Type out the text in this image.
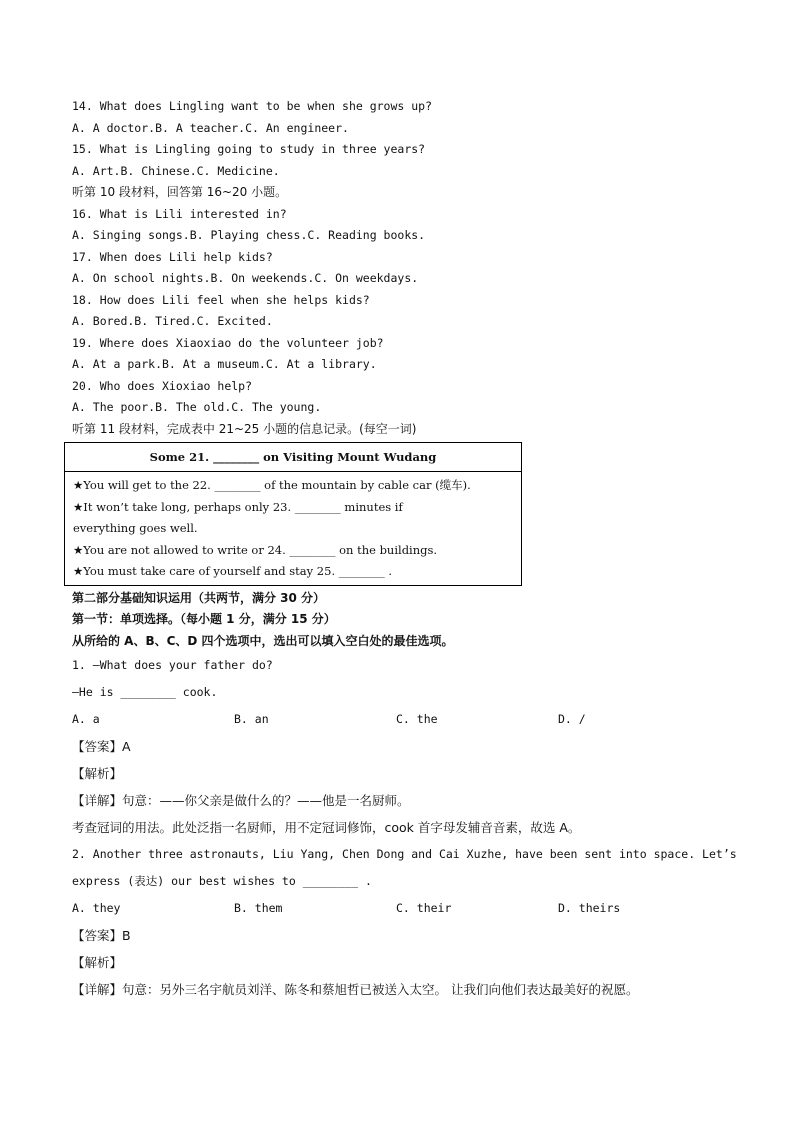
14. What does Lingling want to be when she grows up?
A. A doctor.B. A teacher.C. An engineer.
15. What is Lingling going to study in three years?
A. Art.B. Chinese.C. Medicine.
听第 10 段材料，回答第 16~20 小题。
16. What is Lili interested in?
A. Singing songs.B. Playing chess.C. Reading books.
17. When does Lili help kids?
A. On school nights.B. On weekends.C. On weekdays.
18. How does Lili feel when she helps kids?
A. Bored.B. Tired.C. Excited.
19. Where does Xiaoxiao do the volunteer job?
A. At a park.B. At a museum.C. At a library.
20. Who does Xioxiao help?
A. The poor.B. The old.C. The young.
听第 11 段材料，完成表中 21~25 小题的信息记录。(每空一词)
Some 21. ________ on Visiting Mount Wudang
★You will get to the 22. ________ of the mountain by cable car (缆车).
★It won’t take long, perhaps only 23. ________ minutes if
everything goes well.
★You are not allowed to write or 24. ________ on the buildings.
★You must take care of yourself and stay 25. ________ .
第二部分基础知识运用（共两节，满分 30 分）
第一节：单项选择。（每小题 1 分，满分 15 分）
从所给的 A、B、C、D 四个选项中，选出可以填入空白处的最佳选项。
1. —What does your father do?
—He is ________ cook.
A. a	B. an	C. the	D. /
【答案】A
【解析】
【详解】句意：——你父亲是做什么的？——他是一名厨师。
考查冠词的用法。此处泛指一名厨师，用不定冠词修饰，cook 首字母发辅音音素，故选 A。
2. Another three astronauts, Liu Yang, Chen Dong and Cai Xuzhe, have been sent into space. Let’s
express (表达) our best wishes to ________ .
A. they	B. them	C. their	D. theirs
【答案】B
【解析】
【详解】句意：另外三名宇航员刘洋、陈冬和蔡旭哲已被送入太空。 让我们向他们表达最美好的祝愿。
